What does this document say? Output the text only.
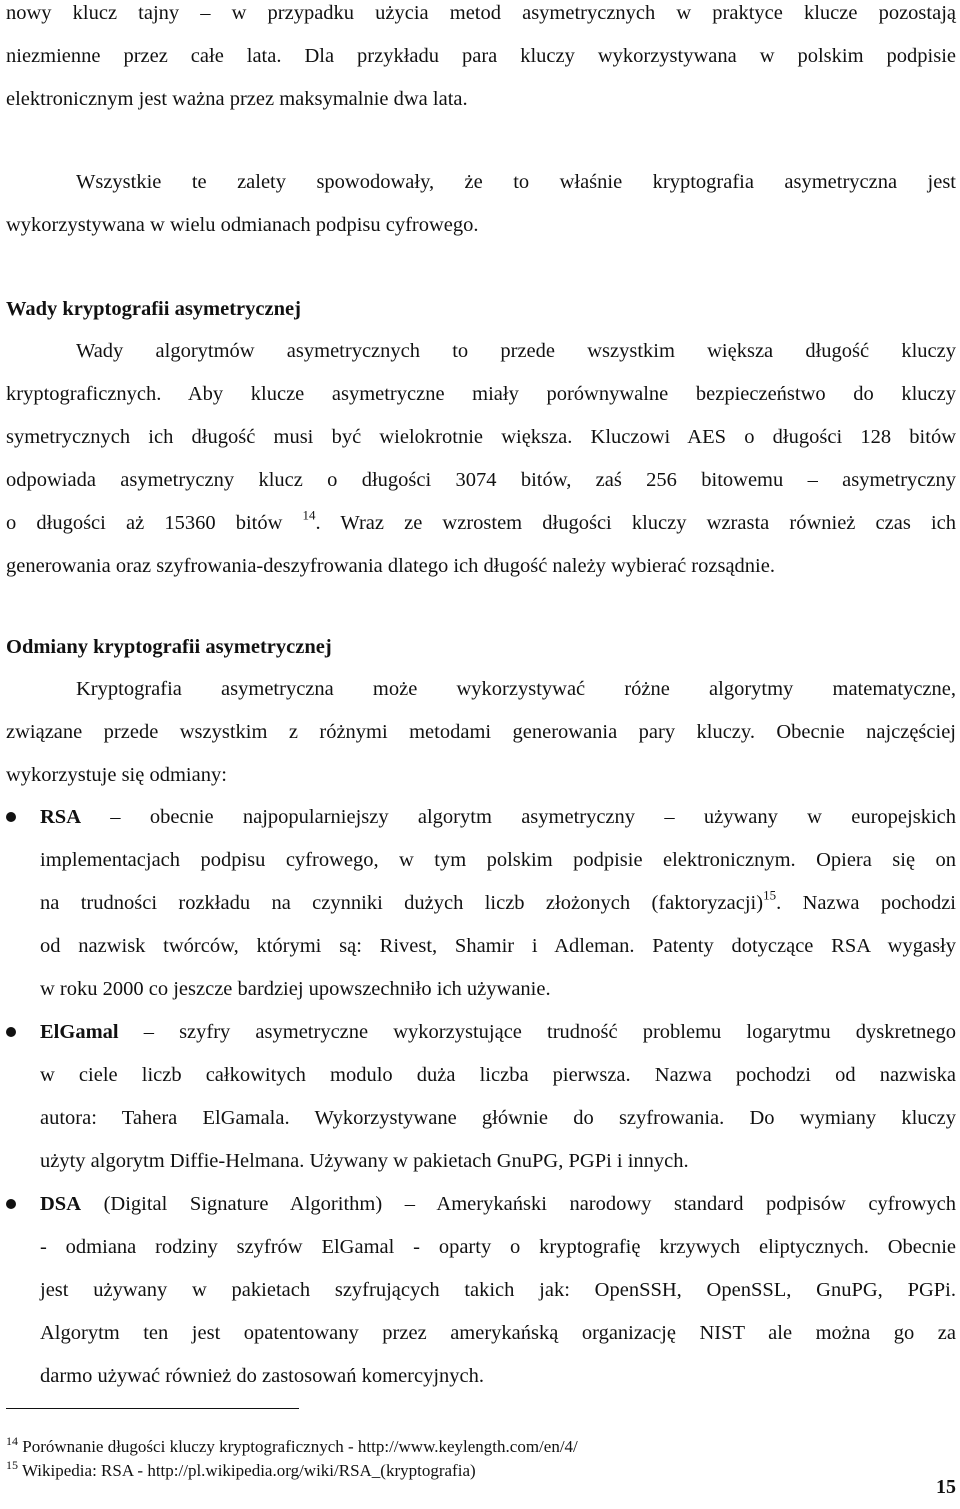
nowy klucz tajny – w przypadku użycia metod asymetrycznych w praktyce klucze pozostają
niezmienne przez całe lata. Dla przykładu para kluczy wykorzystywana w polskim podpisie
elektronicznym jest ważna przez maksymalnie dwa lata.
Wszystkie te zalety spowodowały, że to właśnie kryptografia asymetryczna jest
wykorzystywana w wielu odmianach podpisu cyfrowego.
Wady kryptografii asymetrycznej
Wady algorytmów asymetrycznych to przede wszystkim większa długość kluczy
kryptograficznych. Aby klucze asymetryczne miały porównywalne bezpieczeństwo do kluczy
symetrycznych ich długość musi być wielokrotnie większa. Kluczowi AES o długości 128 bitów
odpowiada asymetryczny klucz o długości 3074 bitów, zaś 256 bitowemu – asymetryczny
o długości aż 15360 bitów $^{14}$. Wraz ze wzrostem długości kluczy wzrasta również czas ich
generowania oraz szyfrowania-deszyfrowania dlatego ich długość należy wybierać rozsądnie.
Odmiany kryptografii asymetrycznej
Kryptografia asymetryczna może wykorzystywać różne algorytmy matematyczne,
związane przede wszystkim z różnymi metodami generowania pary kluczy. Obecnie najczęściej
wykorzystuje się odmiany:
RSA – obecnie najpopularniejszy algorytm asymetryczny – używany w europejskich
implementacjach podpisu cyfrowego, w tym polskim podpisie elektronicznym. Opiera się on
na trudności rozkładu na czynniki dużych liczb złożonych (faktoryzacji)$^{15}$. Nazwa pochodzi
od nazwisk twórców, którymi są: Rivest, Shamir i Adleman. Patenty dotyczące RSA wygasły
w roku 2000 co jeszcze bardziej upowszechniło ich używanie.
ElGamal – szyfry asymetryczne wykorzystujące trudność problemu logarytmu dyskretnego
w ciele liczb całkowitych modulo duża liczba pierwsza. Nazwa pochodzi od nazwiska
autora: Tahera ElGamala. Wykorzystywane głównie do szyfrowania. Do wymiany kluczy
użyty algorytm Diffie-Helmana. Używany w pakietach GnuPG, PGPi i innych.
DSA (Digital Signature Algorithm) – Amerykański narodowy standard podpisów cyfrowych
- odmiana rodziny szyfrów ElGamal - oparty o kryptografię krzywych eliptycznych. Obecnie
jest używany w pakietach szyfrujących takich jak: OpenSSH, OpenSSL, GnuPG, PGPi.
Algorytm ten jest opatentowany przez amerykańską organizację NIST ale można go za
darmo używać również do zastosowań komercyjnych.
$^{14}$ Porównanie długości kluczy kryptograficznych - http://www.keylength.com/en/4/
$^{15}$ Wikipedia: RSA - http://pl.wikipedia.org/wiki/RSA_(kryptografia)
15
